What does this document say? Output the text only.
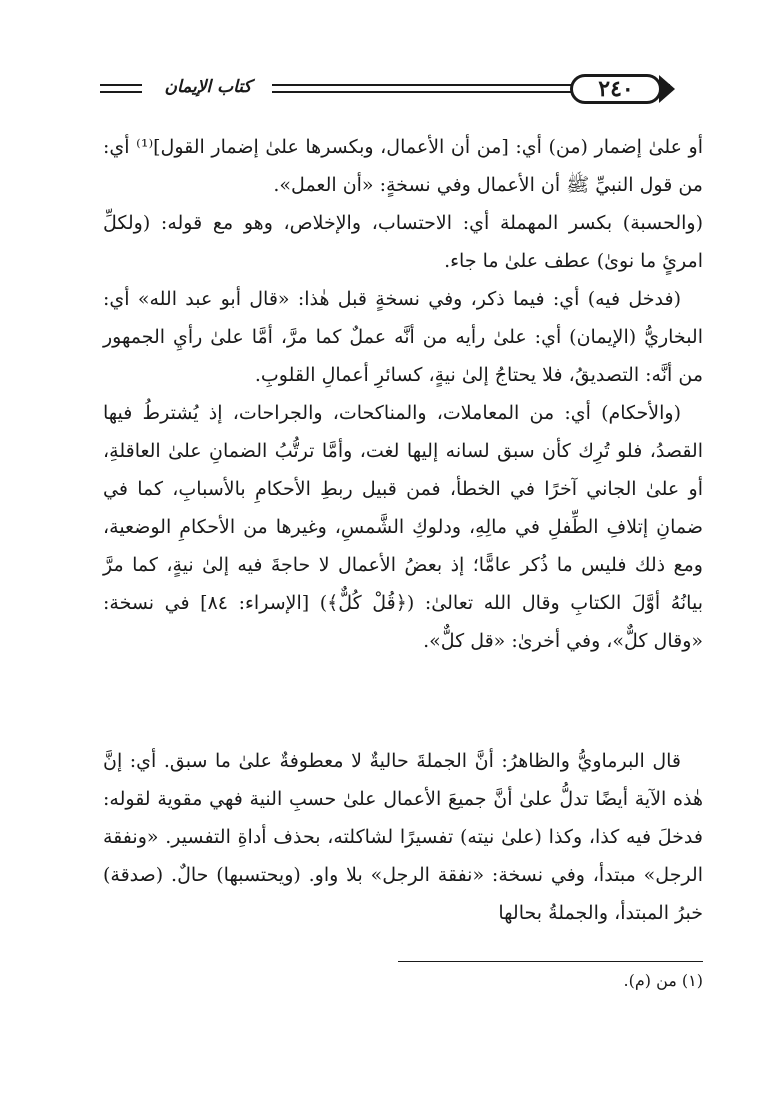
كتاب الإيمان	٢٤٠

أو علىٰ إضمار (من) أي: [من أن الأعمال، وبكسرها علىٰ إضمار القول]⁽¹⁾ أي: من قول النبيِّ ﷺ أن الأعمال وفي نسخةٍ: «أن العمل».

(والحسبة) بكسر المهملة أي: الاحتساب، والإخلاص، وهو مع قوله: (ولكلِّ امرئٍ ما نوىٰ) عطف علىٰ ما جاء.

(فدخل فيه) أي: فيما ذكر، وفي نسخةٍ قبل هٰذا: «قال أبو عبد الله» أي: البخاريُّ (الإيمان) أي: علىٰ رأيه من أنَّه عملٌ كما مرَّ، أمَّا علىٰ رأيِ الجمهور من أنَّه: التصديقُ، فلا يحتاجُ إلىٰ نيةٍ، كسائرِ أعمالِ القلوبِ.

(والأحكام) أي: من المعاملات، والمناكحات، والجراحات، إذ يُشترطُ فيها القصدُ، فلو تُرِك كأن سبق لسانه إليها لغت، وأمَّا ترتُّبُ الضمانِ علىٰ العاقلةِ، أو علىٰ الجاني آخرًا في الخطأ، فمن قبيل ربطِ الأحكامِ بالأسبابِ، كما في ضمانِ إتلافِ الطِّفلِ في مالِهِ، ودلوكِ الشَّمسِ، وغيرها من الأحكامِ الوضعية، ومع ذلك فليس ما ذُكر عامًّا؛ إذ بعضُ الأعمال لا حاجةَ فيه إلىٰ نيةٍ، كما مرَّ بيانُهُ أوَّلَ الكتابِ وقال الله تعالىٰ: (﴿قُلْ كُلٌّ﴾) [الإسراء: ٨٤] في نسخة: «وقال كلٌّ»، وفي أخرىٰ: «قل كلٌّ».

قال البرماويُّ والظاهرُ: أنَّ الجملةَ حاليةٌ لا معطوفةٌ علىٰ ما سبق. أي: إنَّ هٰذه الآية أيضًا تدلُّ علىٰ أنَّ جميعَ الأعمال علىٰ حسبِ النية فهي مقوية لقوله: فدخلَ فيه كذا، وكذا (علىٰ نيته) تفسيرًا لشاكلته، بحذف أداةِ التفسير. «ونفقة الرجل» مبتدأ، وفي نسخة: «نفقة الرجل» بلا واو. (ويحتسبها) حالٌ. (صدقة) خبرُ المبتدأ، والجملةُ بحالها

(١) من (م).
